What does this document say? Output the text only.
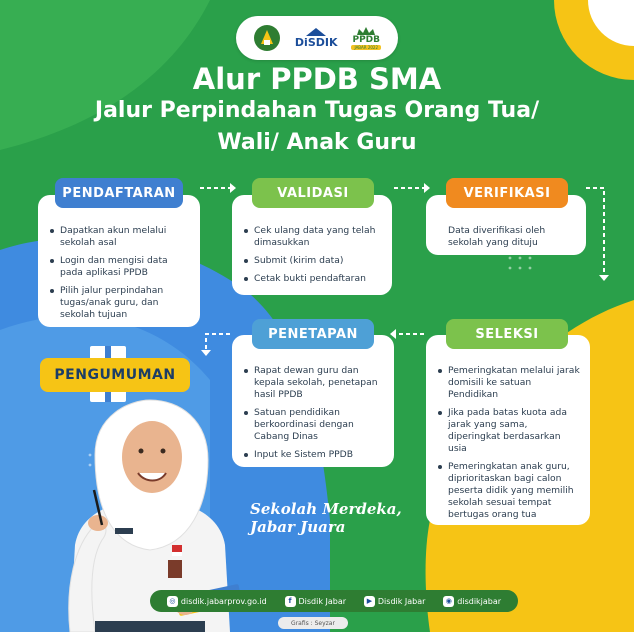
DiSDIK PPDB
JABAR 2022
Alur PPDB SMA
Jalur Perpindahan Tugas Orang Tua/
Wali/ Anak Guru
Dapatkan akun melalui sekolah asal
Login dan mengisi data pada aplikasi PPDB
Pilih jalur perpindahan tugas/anak guru, dan sekolah tujuan
PENDAFTARAN
Cek ulang data yang telah dimasukkan
Submit (kirim data)
Cetak bukti pendaftaran
VALIDASI

Data diverifikasi oleh sekolah yang dituju

VERIFIKASI
Pemeringkatan melalui jarak domisili ke satuan Pendidikan
Jika pada batas kuota ada jarak yang sama, diperingkat berdasarkan usia
Pemeringkatan anak guru, diprioritaskan bagi calon peserta didik yang memilih sekolah sesuai tempat bertugas orang tua
SELEKSI
Rapat dewan guru dan kepala sekolah, penetapan hasil PPDB
Satuan pendidikan berkoordinasi dengan Cabang Dinas
Input ke Sistem PPDB
PENETAPAN
PENGUMUMAN
Sekolah Merdeka,
Jabar Juara
◎ disdik.jabarprov.go.id	f Disdik Jabar	▶ Disdik Jabar	◉ disdikjabar
Grafis : Seyzar
